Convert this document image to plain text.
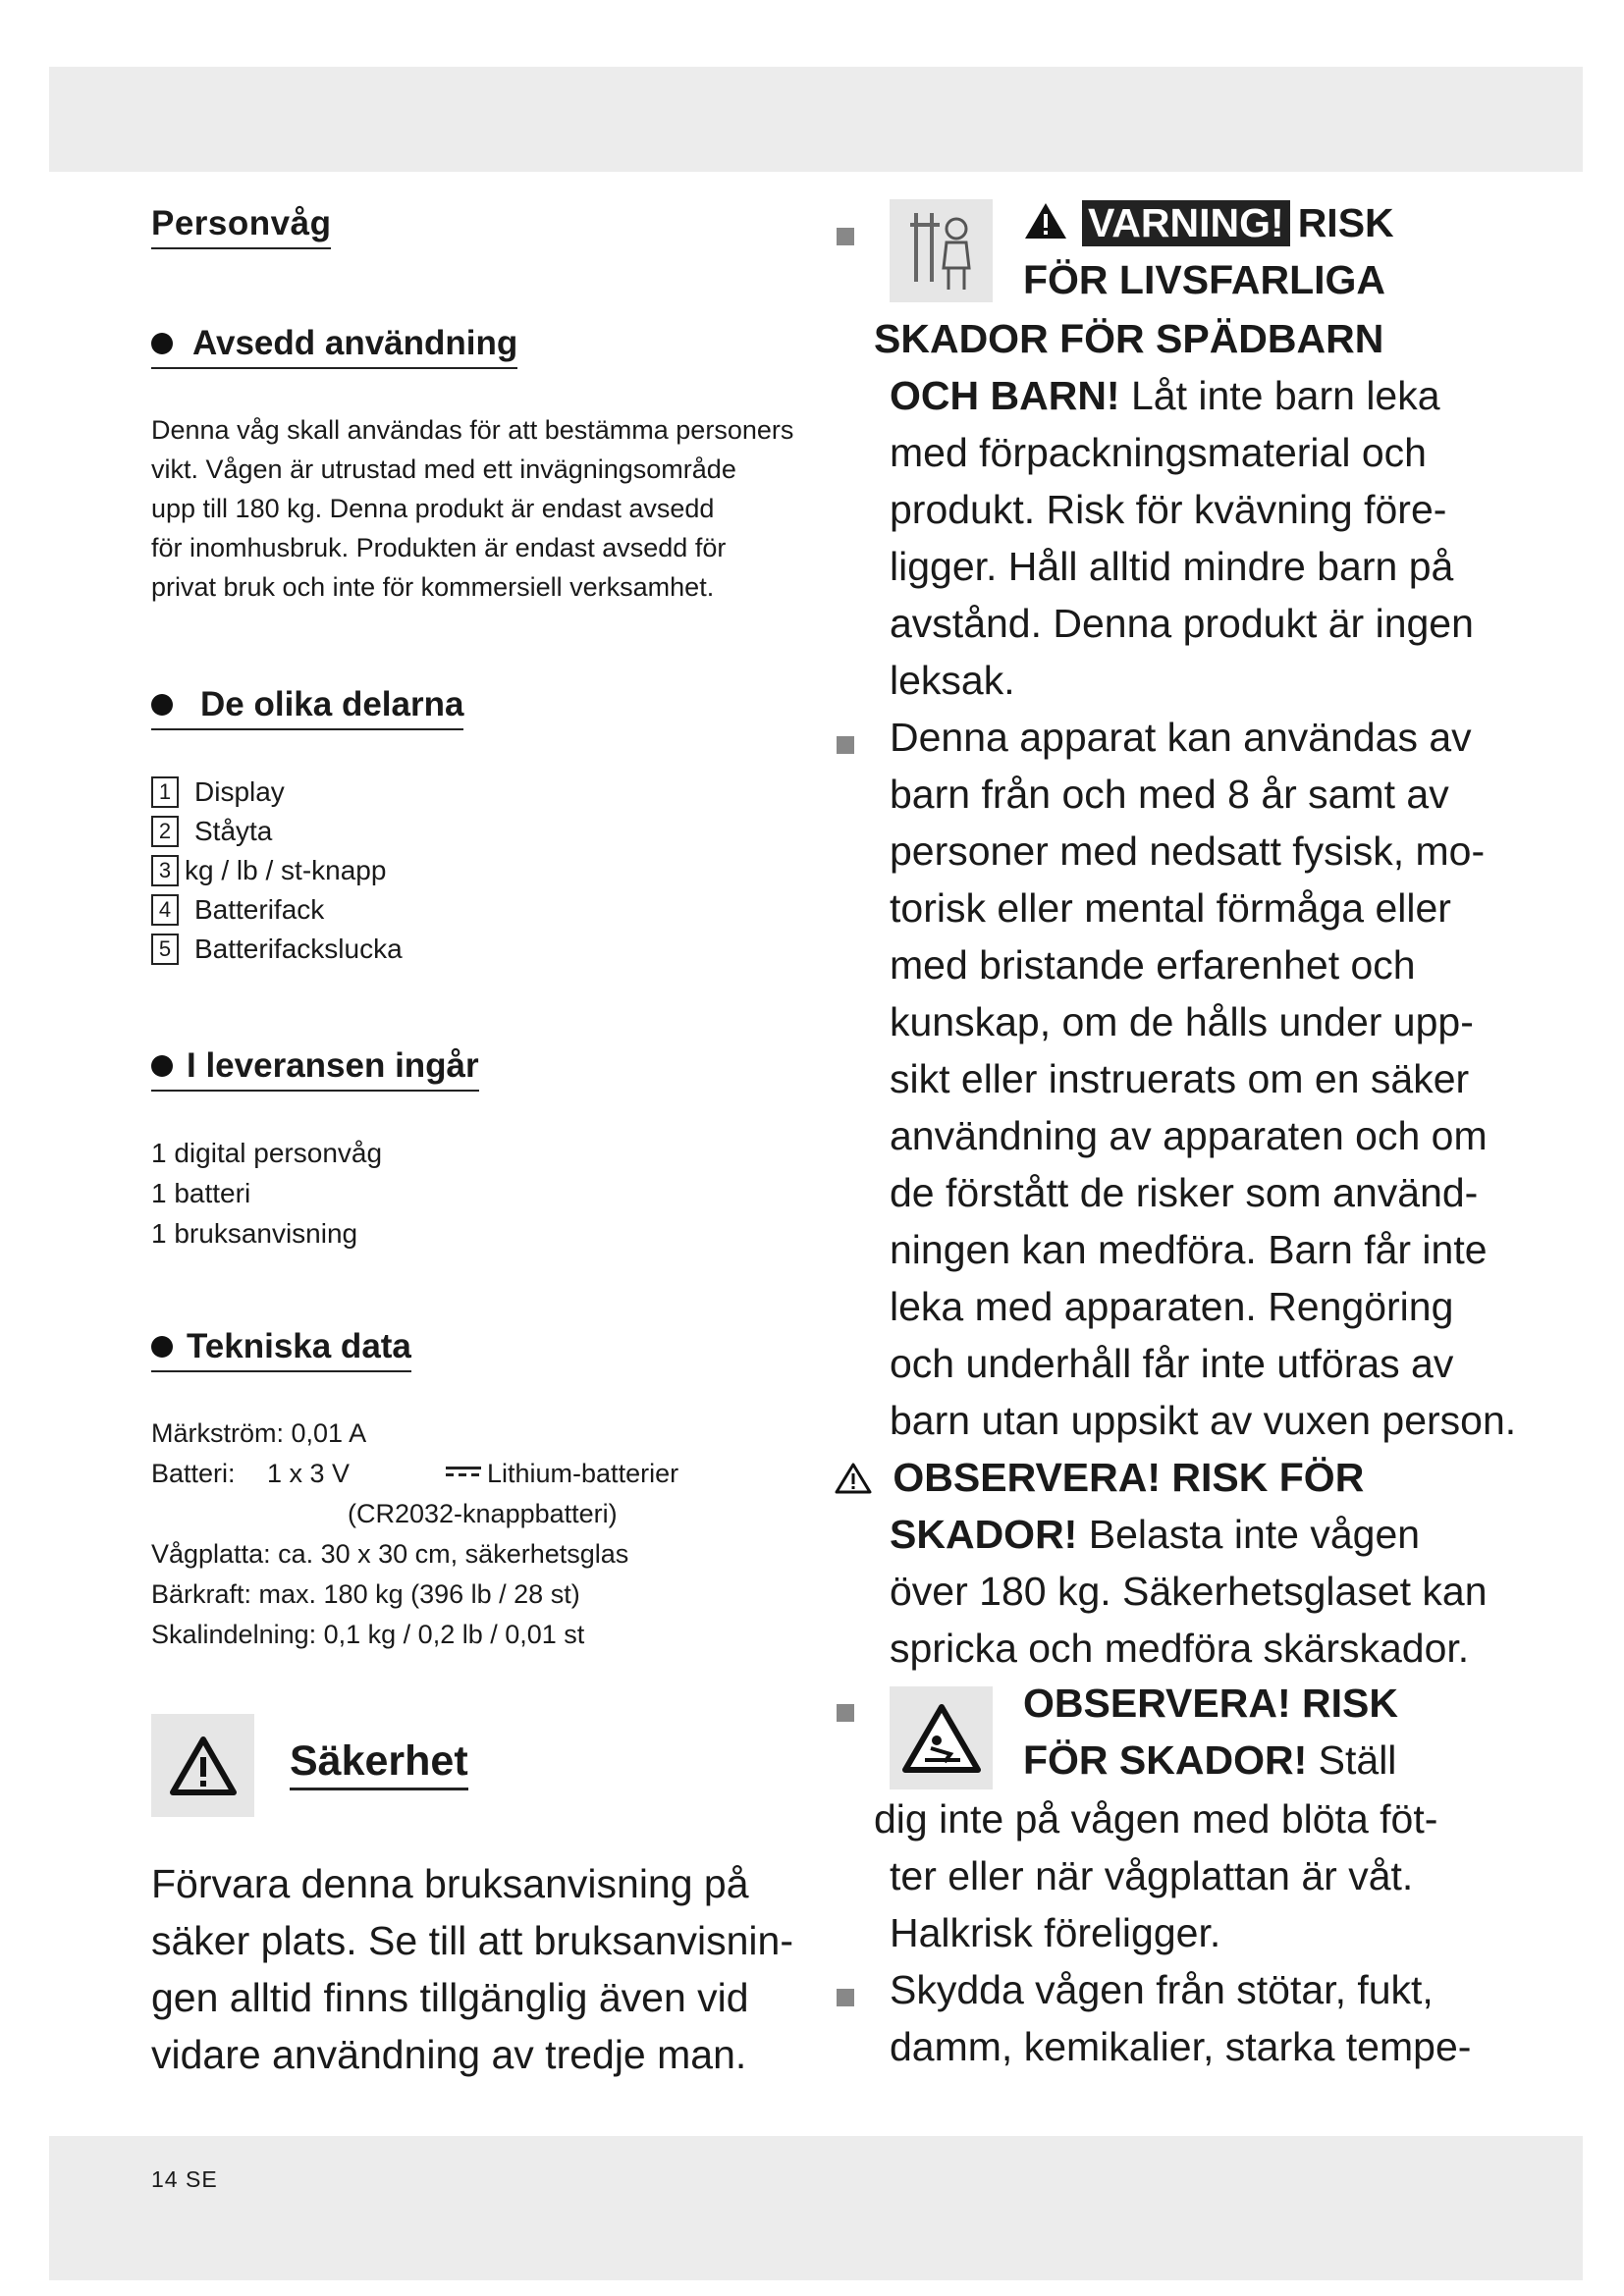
14 SE
Personvåg
Avsedd användning
Denna våg skall användas för att bestämma personers
vikt. Vågen är utrustad med ett invägningsområde
upp till 180 kg. Denna produkt är endast avsedd
för inomhusbruk. Produkten är endast avsedd för
privat bruk och inte för kommersiell verksamhet.
De olika delarna
1 Display
2 Ståyta
3 kg / lb / st-knapp
4 Batterifack
5 Batterifackslucka
I leveransen ingår
1 digital personvåg
1 batteri
1 bruksanvisning
Tekniska data
Märkström: 0,01 A
Batteri: 1 x 3 V	Lithium-batterier
(CR2032-knappbatteri)
Vågplatta: ca. 30 x 30 cm, säkerhetsglas
Bärkraft: max. 180 kg (396 lb / 28 st)
Skalindelning: 0,1 kg / 0,2 lb / 0,01 st
Säkerhet
Förvara denna bruksanvisning på
säker plats. Se till att bruksanvisnin-
gen alltid finns tillgänglig även vid
vidare användning av tredje man.
VARNING! RISK
FÖR LIVSFARLIGA
SKADOR FÖR SPÄDBARN
OCH BARN! Låt inte barn leka
med förpackningsmaterial och
produkt. Risk för kvävning före-
ligger. Håll alltid mindre barn på
avstånd. Denna produkt är ingen
leksak.
Denna apparat kan användas av
barn från och med 8 år samt av
personer med nedsatt fysisk, mo-
torisk eller mental förmåga eller
med bristande erfarenhet och
kunskap, om de hålls under upp-
sikt eller instruerats om en säker
användning av apparaten och om
de förstått de risker som använd-
ningen kan medföra. Barn får inte
leka med apparaten. Rengöring
och underhåll får inte utföras av
barn utan uppsikt av vuxen person.
OBSERVERA! RISK FÖR
SKADOR! Belasta inte vågen
över 180 kg. Säkerhetsglaset kan
spricka och medföra skärskador.
OBSERVERA! RISK
FÖR SKADOR! Ställ
dig inte på vågen med blöta föt-
ter eller när vågplattan är våt.
Halkrisk föreligger.
Skydda vågen från stötar, fukt,
damm, kemikalier, starka tempe-
